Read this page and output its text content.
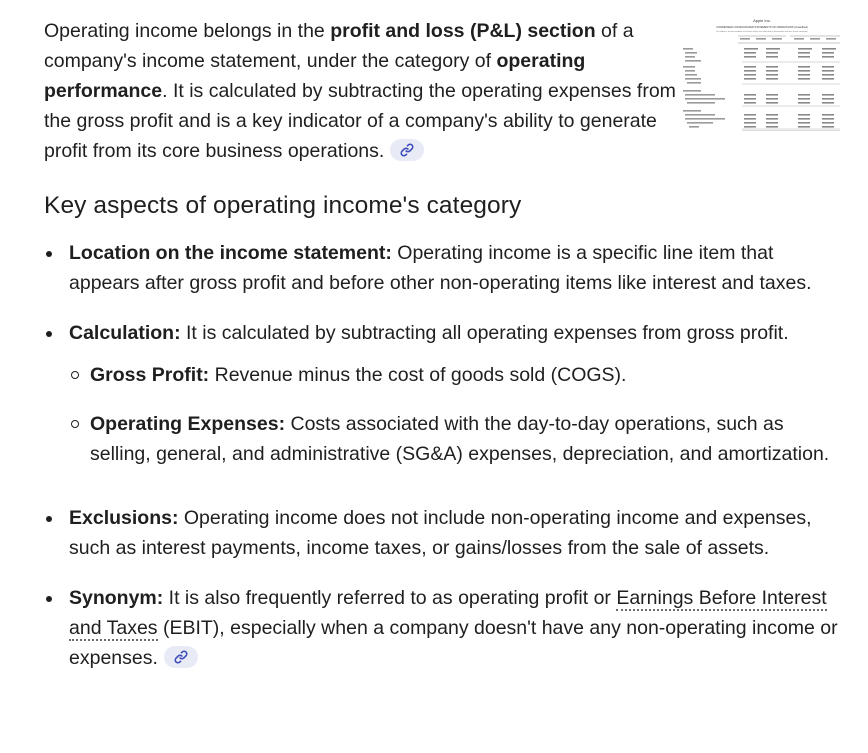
Operating income belongs in the profit and loss (P&L) section of a company's income statement, under the category of operating performance. It is calculated by subtracting the operating expenses from the gross profit and is a key indicator of a company's ability to generate profit from its core business operations.
Apple Inc.
CONDENSED CONSOLIDATED STATEMENTS OF OPERATIONS (Unaudited)
(In millions, except number of shares which are reflected in thousands and per share amounts)
Key aspects of operating income's category
Location on the income statement: Operating income is a specific line item that appears after gross profit and before other non-operating items like interest and taxes.
Calculation: It is calculated by subtracting all operating expenses from gross profit.
Gross Profit: Revenue minus the cost of goods sold (COGS).
Operating Expenses: Costs associated with the day-to-day operations, such as selling, general, and administrative (SG&A) expenses, depreciation, and amortization.
Exclusions: Operating income does not include non-operating income and expenses, such as interest payments, income taxes, or gains/losses from the sale of assets.
Synonym: It is also frequently referred to as operating profit or Earnings Before Interest and Taxes (EBIT), especially when a company doesn't have any non-operating income or expenses.
